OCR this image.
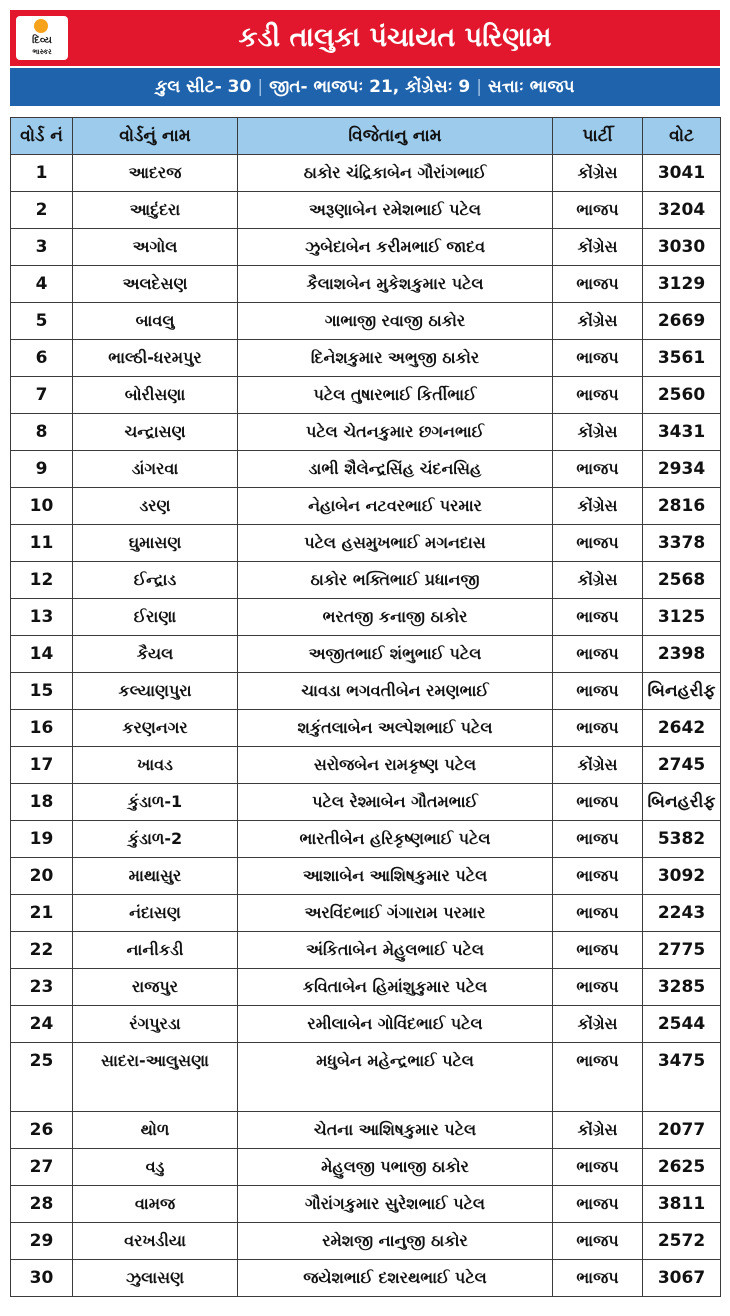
દિવ્ય
ભાસ્કર	કડી તાલુકા પંચાયત પરિણામ
કુલ સીટ- 30 | જીત- ભાજપઃ 21, કોંગ્રેસઃ 9 | સત્તાઃ ભાજપ
વોર્ડ નં	વોર્ડનું નામ	વિજેતાનુ નામ	પાર્ટી	વોટ
1	આદરજ	ઠાકોર ચંદ્રિકાબેન ગૌરાંગભાઈ	કોંગ્રેસ	3041
2	આદુંદરા	અરૂણાબેન રમેશભાઈ પટેલ	ભાજપ	3204
3	અગોલ	ઝુબેદાબેન કરીમભાઈ જાદવ	કોંગ્રેસ	3030
4	અલદેસણ	કૈલાશબેન મુકેશકુમાર પટેલ	ભાજપ	3129
5	બાવલુ	ગાભાજી રવાજી ઠાકોર	કોંગ્રેસ	2669
6	ભાલ્ઠી-ધરમપુર	દિનેશકુમાર અભુજી ઠાકોર	ભાજપ	3561
7	બોરીસણા	પટેલ તુષારભાઈ કિર્તીભાઈ	ભાજપ	2560
8	ચન્દ્રાસણ	પટેલ ચેતનકુમાર છગનભાઈ	કોંગ્રેસ	3431
9	ડાંગરવા	ડાભી શૈલેન્દ્રસિંહ ચંદનસિહ	ભાજપ	2934
10	ડરણ	નેહાબેન નટવરભાઈ પરમાર	કોંગ્રેસ	2816
11	ઘુમાસણ	પટેલ હસમુખભાઈ મગનદાસ	ભાજપ	3378
12	ઈન્દ્રાડ	ઠાકોર ભક્તિભાઈ પ્રધાનજી	કોંગ્રેસ	2568
13	ઈરાણા	ભરતજી કનાજી ઠાકોર	ભાજપ	3125
14	કૈયલ	અજીતભાઈ શંભુભાઈ પટેલ	ભાજપ	2398
15	કલ્યાણપુરા	ચાવડા ભગવતીબેન રમણભાઈ	ભાજપ	બિનહરીફ
16	કરણનગર	શકુંતલાબેન અલ્પેશભાઈ પટેલ	ભાજપ	2642
17	ખાવડ	સરોજબેન રામકૃષ્ણ પટેલ	કોંગ્રેસ	2745
18	કુંડાળ-1	પટેલ રેશ્માબેન ગૌતમભાઈ	ભાજપ	બિનહરીફ
19	કુંડાળ-2	ભારતીબેન હરિકૃષ્ણભાઈ પટેલ	ભાજપ	5382
20	માથાસુર	આશાબેન આશિષકુમાર પટેલ	ભાજપ	3092
21	નંદાસણ	અરવિંદભાઈ ગંગારામ પરમાર	ભાજપ	2243
22	નાનીકડી	અંકિતાબેન મેહુલભાઈ પટેલ	ભાજપ	2775
23	રાજપુર	કવિતાબેન હિમાંશુકુમાર પટેલ	ભાજપ	3285
24	રંગપુરડા	રમીલાબેન ગોવિંદભાઈ પટેલ	કોંગ્રેસ	2544
25	સાદરા-આલુસણા	મધુબેન મહેન્દ્રભાઈ પટેલ	ભાજપ	3475
26	થોળ	ચેતના આશિષકુમાર પટેલ	કોંગ્રેસ	2077
27	વડુ	મેહુલજી પભાજી ઠાકોર	ભાજપ	2625
28	વામજ	ગૌરાંગકુમાર સુરેશભાઈ પટેલ	ભાજપ	3811
29	વરખડીયા	રમેશજી નાનુજી ઠાકોર	ભાજપ	2572
30	ઝુલાસણ	જયેશભાઈ દશરથભાઈ પટેલ	ભાજપ	3067
